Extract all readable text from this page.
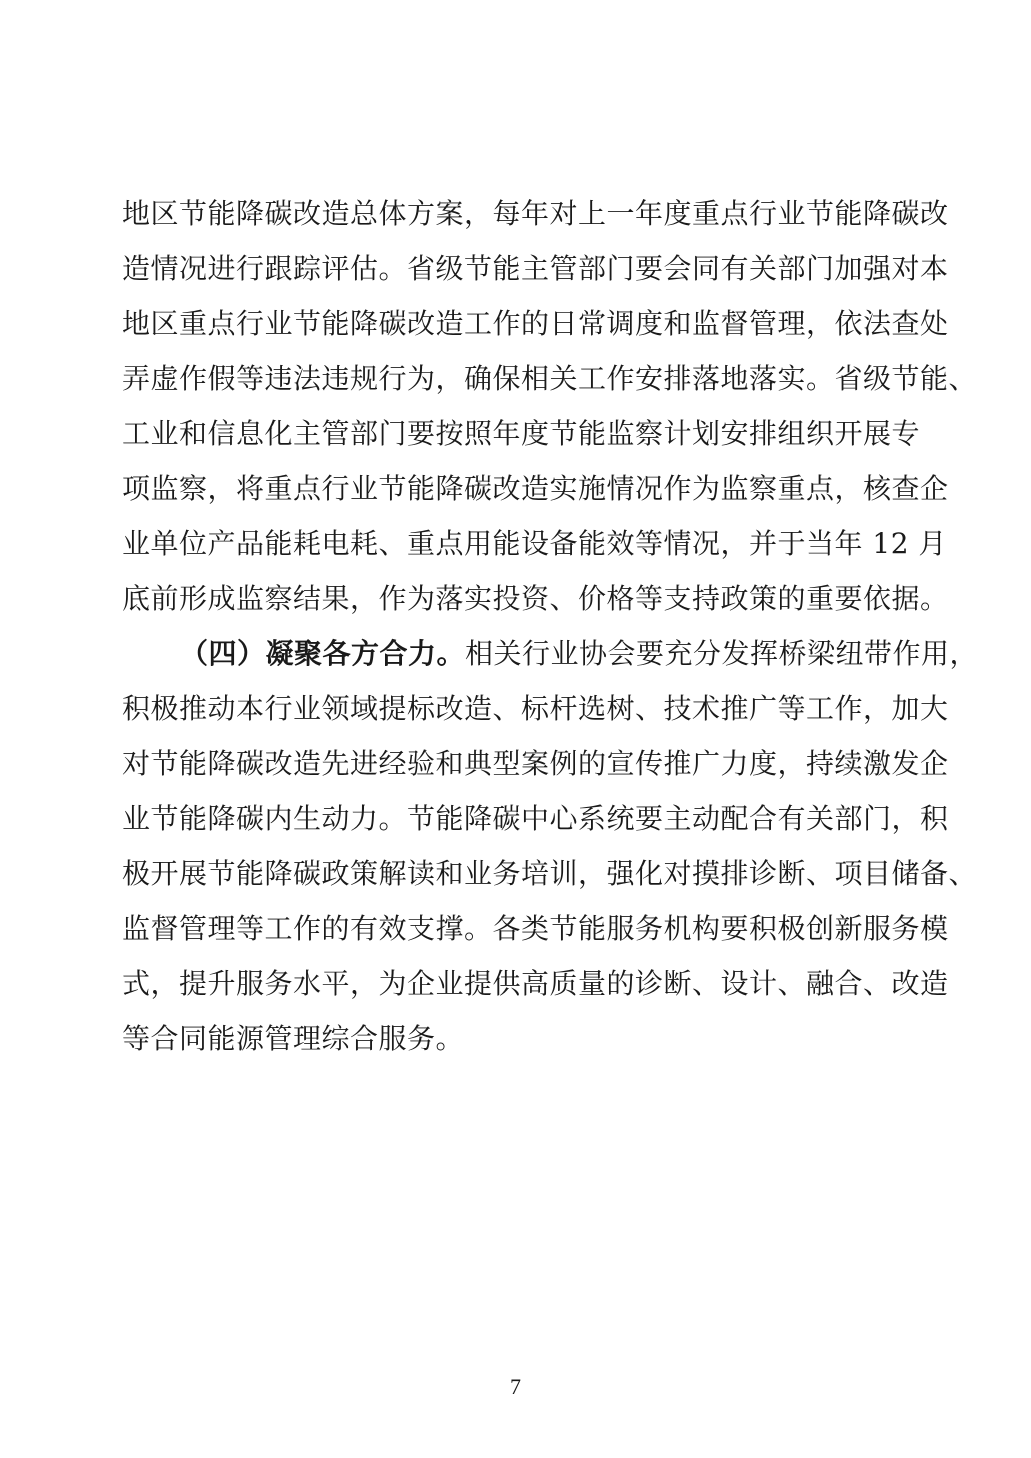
地区节能降碳改造总体方案，每年对上一年度重点行业节能降碳改
造情况进行跟踪评估。省级节能主管部门要会同有关部门加强对本
地区重点行业节能降碳改造工作的日常调度和监督管理，依法查处
弄虚作假等违法违规行为，确保相关工作安排落地落实。省级节能、
工业和信息化主管部门要按照年度节能监察计划安排组织开展专
项监察，将重点行业节能降碳改造实施情况作为监察重点，核查企
业单位产品能耗电耗、重点用能设备能效等情况，并于当年 12 月
底前形成监察结果，作为落实投资、价格等支持政策的重要依据。
（四）凝聚各方合力。相关行业协会要充分发挥桥梁纽带作用，
积极推动本行业领域提标改造、标杆选树、技术推广等工作，加大
对节能降碳改造先进经验和典型案例的宣传推广力度，持续激发企
业节能降碳内生动力。节能降碳中心系统要主动配合有关部门，积
极开展节能降碳政策解读和业务培训，强化对摸排诊断、项目储备、
监督管理等工作的有效支撑。各类节能服务机构要积极创新服务模
式，提升服务水平，为企业提供高质量的诊断、设计、融合、改造
等合同能源管理综合服务。
7
